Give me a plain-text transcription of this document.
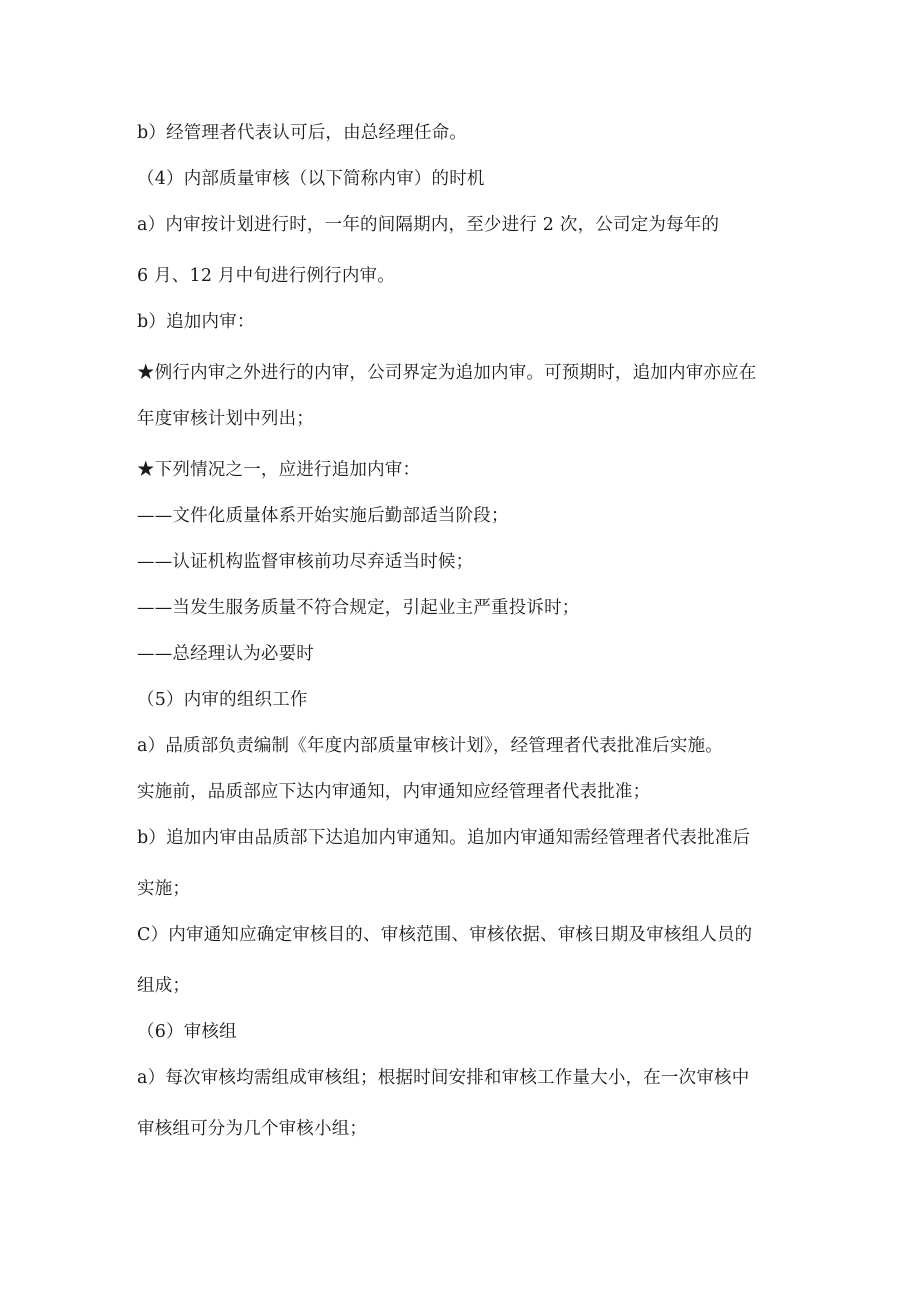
b）经管理者代表认可后，由总经理任命。
（4）内部质量审核（以下简称内审）的时机
a）内审按计划进行时，一年的间隔期内，至少进行 2 次，公司定为每年的
6 月、12 月中旬进行例行内审。
b）追加内审：
★例行内审之外进行的内审，公司界定为追加内审。可预期时，追加内审亦应在
年度审核计划中列出；
★下列情况之一，应进行追加内审：
——文件化质量体系开始实施后勤部适当阶段；
——认证机构监督审核前功尽弃适当时候；
——当发生服务质量不符合规定，引起业主严重投诉时；
——总经理认为必要时
（5）内审的组织工作
a）品质部负责编制《年度内部质量审核计划》，经管理者代表批准后实施。
实施前，品质部应下达内审通知，内审通知应经管理者代表批准；
b）追加内审由品质部下达追加内审通知。追加内审通知需经管理者代表批准后
实施；
C）内审通知应确定审核目的、审核范围、审核依据、审核日期及审核组人员的
组成；
（6）审核组
a）每次审核均需组成审核组；根据时间安排和审核工作量大小，在一次审核中
审核组可分为几个审核小组；
